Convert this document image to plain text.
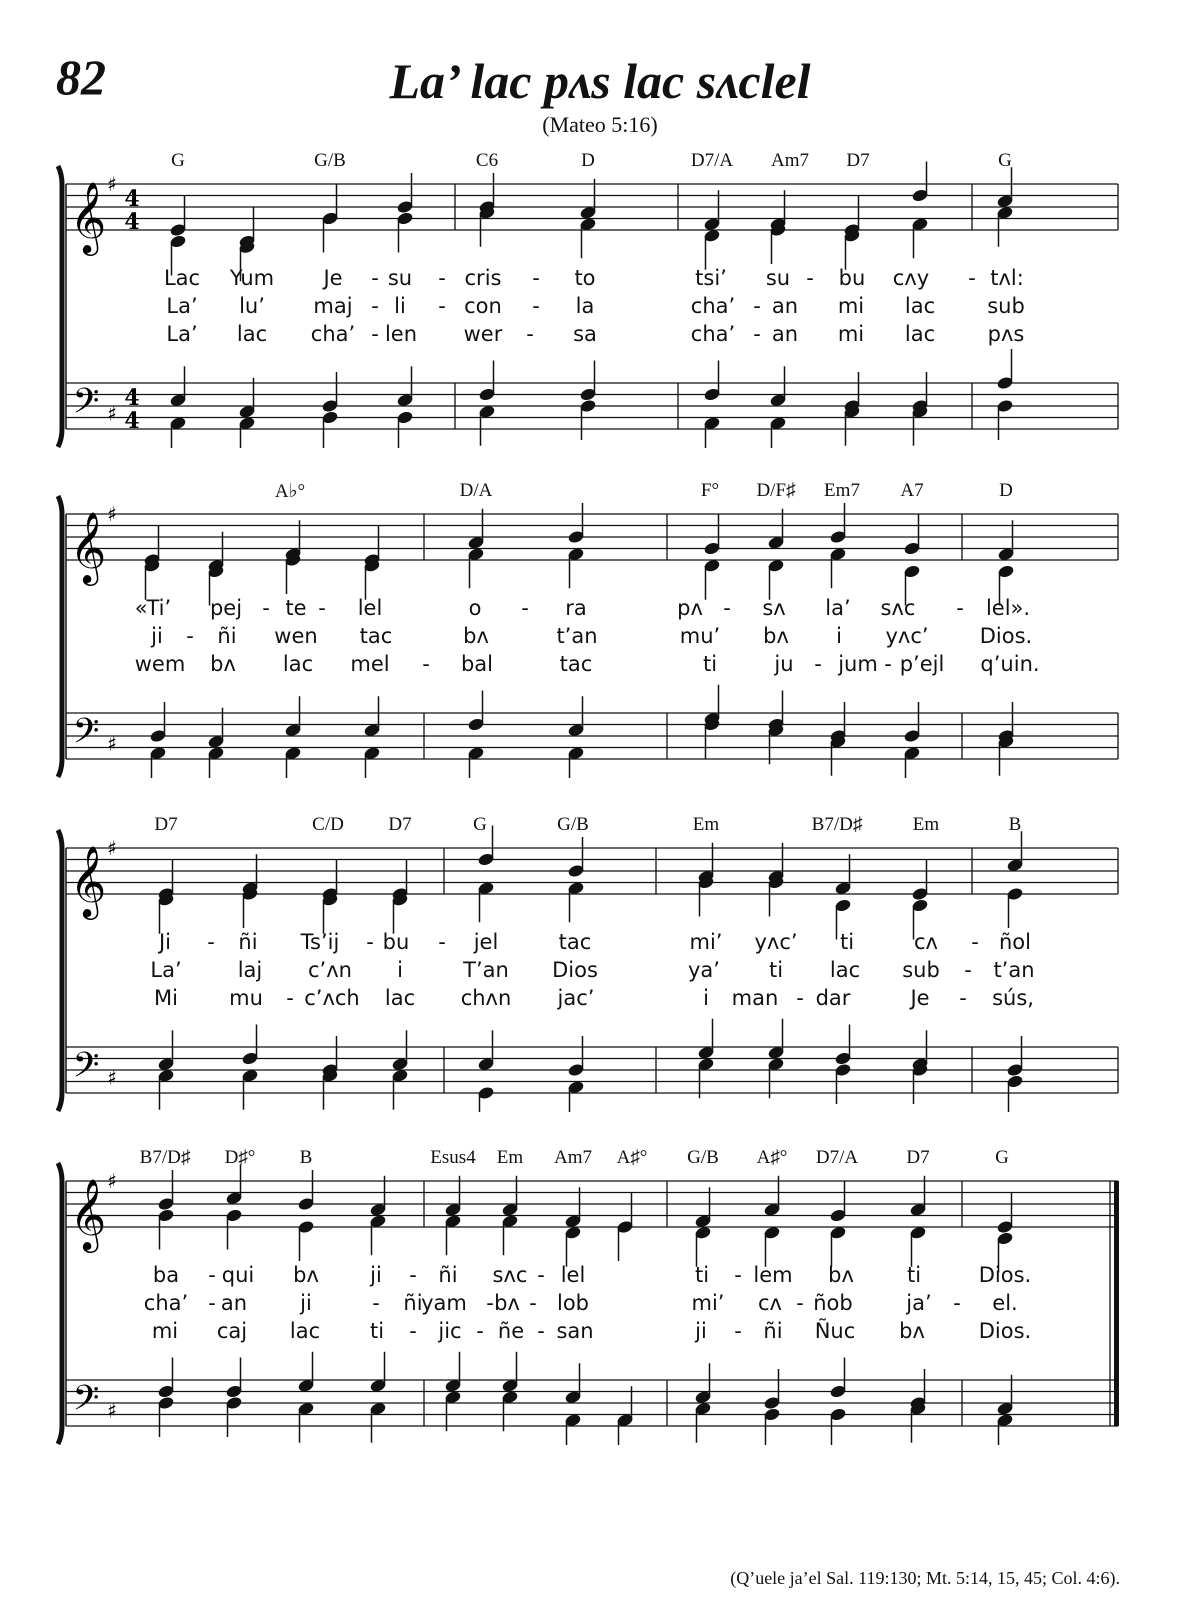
82	La’ lac pʌs lac sʌclel
(Mateo 5:16)
𝄞
𝄢
♯
♯
4
4
4
4
G	G/B	C6	D	D7/A Am7 D7	G
Lac Yum Je - su - cris - to	tsi’ su - bu cʌy - tʌl:
La’ lu’ maj - li - con - la	cha’ - an mi lac sub
La’ lac cha’ - len wer - sa	cha’ - an mi lac	pʌs
𝄞
𝄢
♯
♯
A♭°	D/A	F° D/F♯ Em7 A7	D
«Ti’ pej - te - lel	o - ra	pʌ - sʌ la’ sʌc - lel».
ji - ñi wen tac	bʌ	t’an	mu’ bʌ i yʌc’ Dios.
wem bʌ lac mel - bal	tac	ti	ju - jum - p’ejl q’uin.
𝄞
𝄢
♯
♯
D7	C/D D7	G	G/B	Em	B7/D♯	Em	B
Ji - ñi Ts’ij - bu - jel	tac	mi’ yʌc’ ti	cʌ - ñol
La’	laj c’ʌn i	T’an Dios	ya’ ti lac sub - t’an
Mi mu - c’ʌch lac chʌn jac’	i man - dar	Je - sús,
𝄞
𝄢
♯
♯
B7/D♯ D♯° B	Esus4 Em Am7 A♯° G/B A♯° D7/A	D7	G
ba - qui bʌ ji - ñi sʌc - lel	ti - lem bʌ	ti	Dios.
cha’ - an	ji	- ñi
yam - bʌ - lob	mi’ cʌ - ñob	ja’ - el.
mi caj lac ti - jic - ñe - san	ji - ñi Ñuc bʌ	Dios.
(Q’uele ja’el Sal. 119:130; Mt. 5:14, 15, 45; Col. 4:6).
